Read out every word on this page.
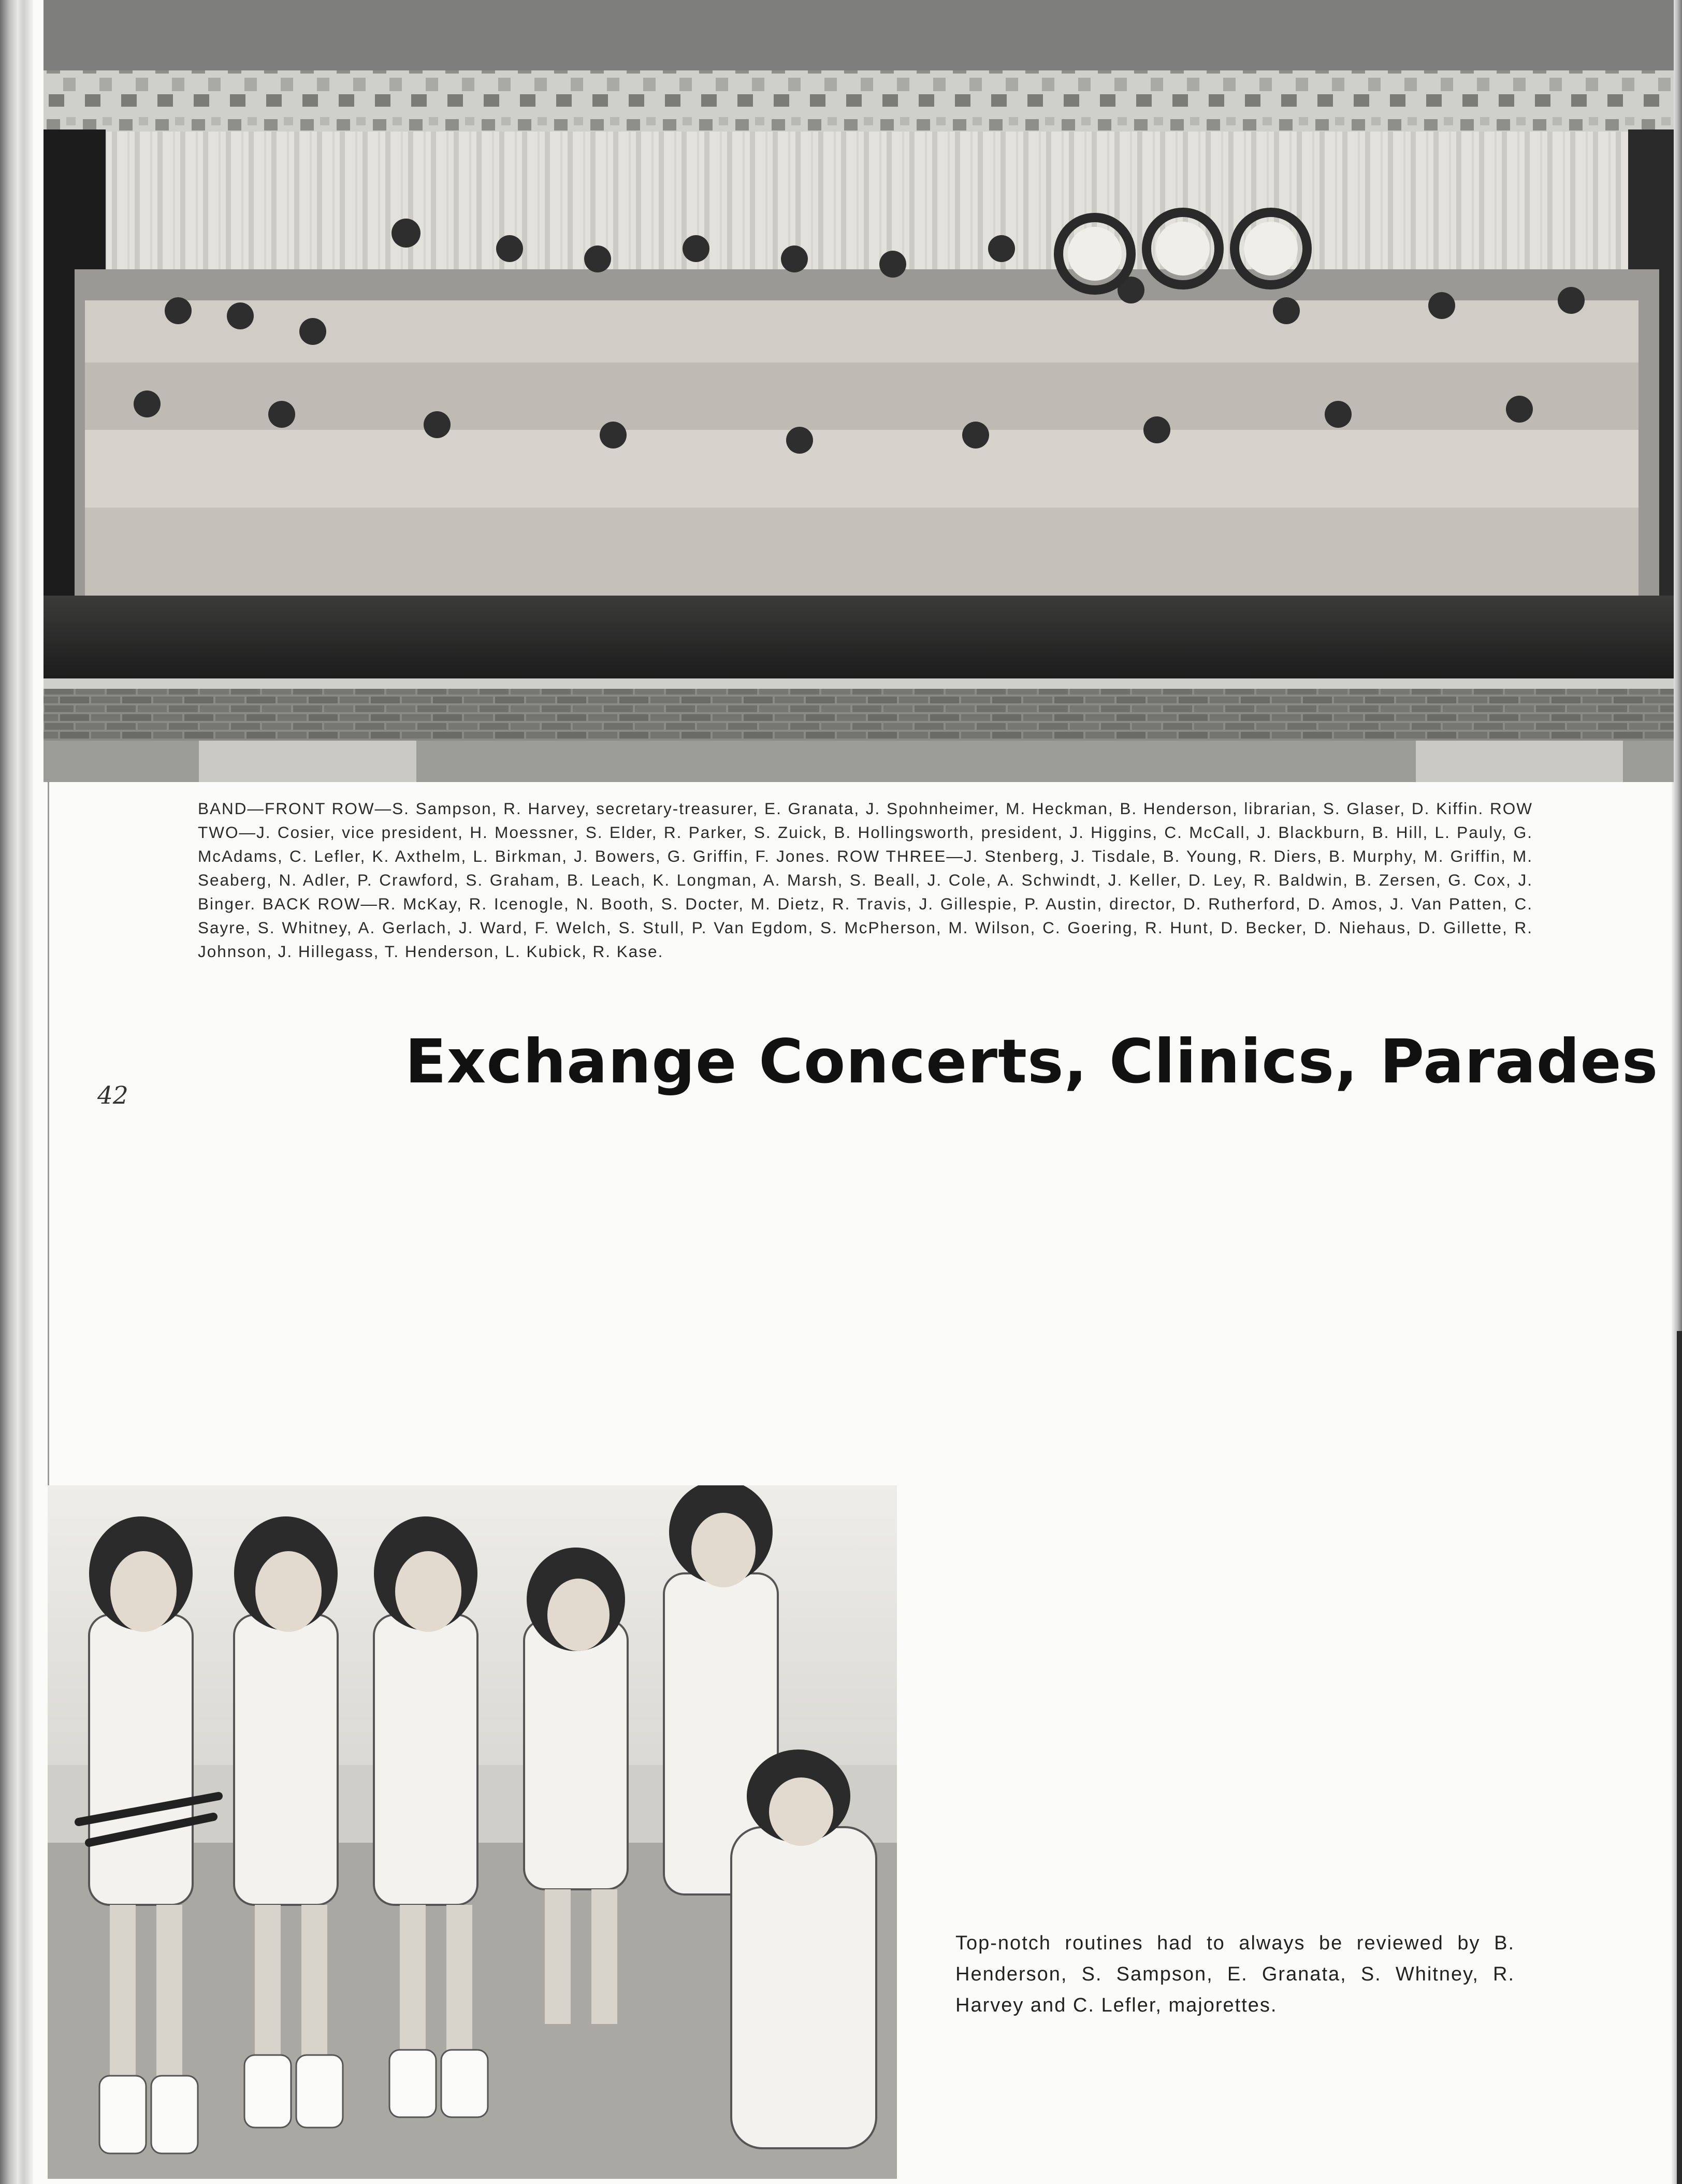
BAND—FRONT ROW—S. Sampson, R. Harvey, secretary-treasurer, E. Granata, J. Spohnheimer, M. Heckman, B. Henderson, librarian, S. Glaser, D. Kiffin. ROW TWO—J. Cosier, vice president, H. Moessner, S. Elder, R. Parker, S. Zuick, B. Hollingsworth, president, J. Higgins, C. McCall, J. Blackburn, B. Hill, L. Pauly, G. McAdams, C. Lefler, K. Axthelm, L. Birkman, J. Bowers, G. Griffin, F. Jones. ROW THREE—J. Stenberg, J. Tisdale, B. Young, R. Diers, B. Murphy, M. Griffin, M. Seaberg, N. Adler, P. Crawford, S. Graham, B. Leach, K. Longman, A. Marsh, S. Beall, J. Cole, A. Schwindt, J. Keller, D. Ley, R. Baldwin, B. Zersen, G. Cox, J. Binger. BACK ROW—R. McKay, R. Icenogle, N. Booth, S. Docter, M. Dietz, R. Travis, J. Gillespie, P. Austin, director, D. Rutherford, D. Amos, J. Van Patten, C. Sayre, S. Whitney, A. Gerlach, J. Ward, F. Welch, S. Stull, P. Van Egdom, S. McPherson, M. Wilson, C. Goering, R. Hunt, D. Becker, D. Niehaus, D. Gillette, R. Johnson, J. Hillegass, T. Henderson, L. Kubick, R. Kase.
42	Exchange Concerts, Clinics, Parades
Top-notch routines had to always be reviewed by B. Henderson, S. Sampson, E. Granata, S. Whitney, R. Harvey and C. Lefler, majorettes.
